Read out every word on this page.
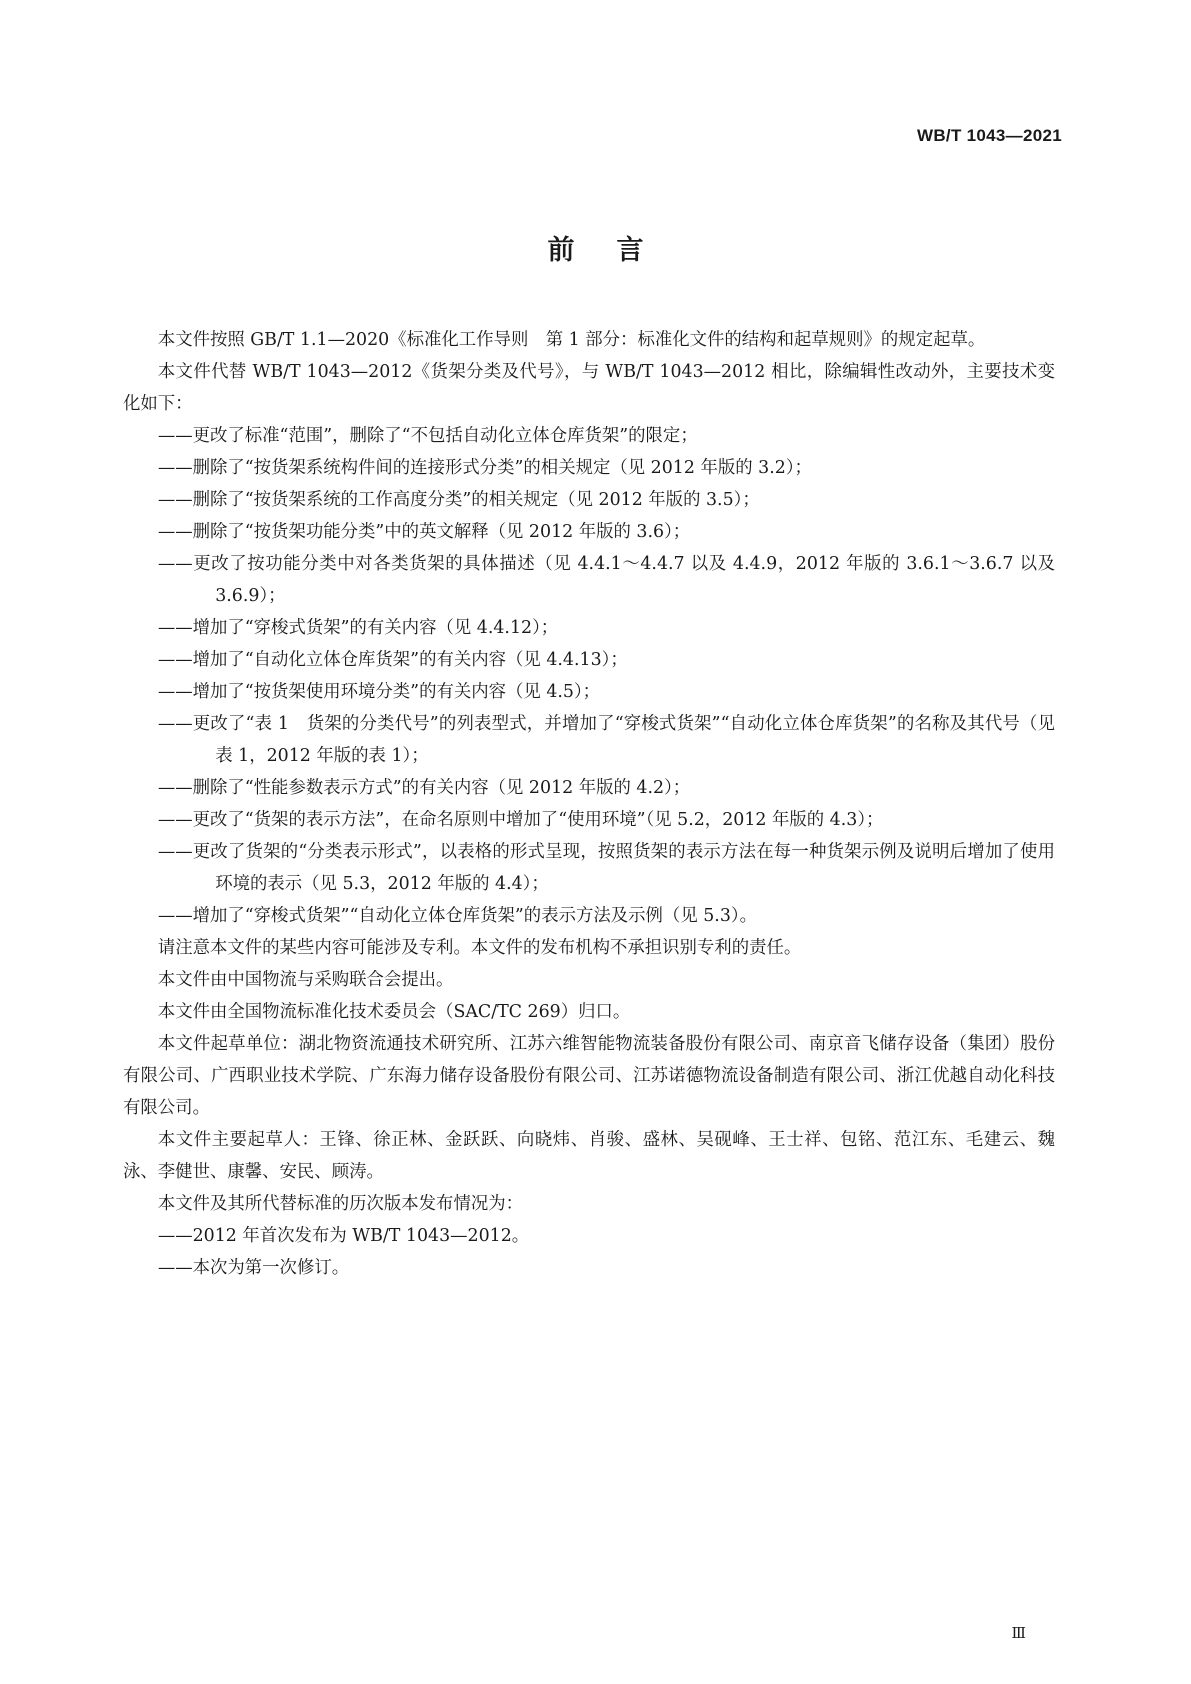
WB/T 1043—2021

前言

本文件按照 GB/T 1.1—2020《标准化工作导则　第 1 部分：标准化文件的结构和起草规则》的规定起草。

本文件代替 WB/T 1043—2012《货架分类及代号》，与 WB/T 1043—2012 相比，除编辑性改动外，主要技术变化如下：

——更改了标准“范围”，删除了“不包括自动化立体仓库货架”的限定；
——删除了“按货架系统构件间的连接形式分类”的相关规定（见 2012 年版的 3.2）；
——删除了“按货架系统的工作高度分类”的相关规定（见 2012 年版的 3.5）；
——删除了“按货架功能分类”中的英文解释（见 2012 年版的 3.6）；
——更改了按功能分类中对各类货架的具体描述（见 4.4.1～4.4.7 以及 4.4.9，2012 年版的 3.6.1～3.6.7 以及 3.6.9）；
——增加了“穿梭式货架”的有关内容（见 4.4.12）；
——增加了“自动化立体仓库货架”的有关内容（见 4.4.13）；
——增加了“按货架使用环境分类”的有关内容（见 4.5）；
——更改了“表 1　货架的分类代号”的列表型式，并增加了“穿梭式货架”“自动化立体仓库货架”的名称及其代号（见表 1，2012 年版的表 1）；
——删除了“性能参数表示方式”的有关内容（见 2012 年版的 4.2）；
——更改了“货架的表示方法”，在命名原则中增加了“使用环境”（见 5.2，2012 年版的 4.3）；
——更改了货架的“分类表示形式”，以表格的形式呈现，按照货架的表示方法在每一种货架示例及说明后增加了使用环境的表示（见 5.3，2012 年版的 4.4）；
——增加了“穿梭式货架”“自动化立体仓库货架”的表示方法及示例（见 5.3）。

请注意本文件的某些内容可能涉及专利。本文件的发布机构不承担识别专利的责任。

本文件由中国物流与采购联合会提出。

本文件由全国物流标准化技术委员会（SAC/TC 269）归口。

本文件起草单位：湖北物资流通技术研究所、江苏六维智能物流装备股份有限公司、南京音飞储存设备（集团）股份有限公司、广西职业技术学院、广东海力储存设备股份有限公司、江苏诺德物流设备制造有限公司、浙江优越自动化科技有限公司。

本文件主要起草人：王锋、徐正林、金跃跃、向晓炜、肖骏、盛林、吴砚峰、王士祥、包铭、范江东、毛建云、魏泳、李健世、康馨、安民、顾涛。

本文件及其所代替标准的历次版本发布情况为：

——2012 年首次发布为 WB/T 1043—2012。
——本次为第一次修订。

Ⅲ
